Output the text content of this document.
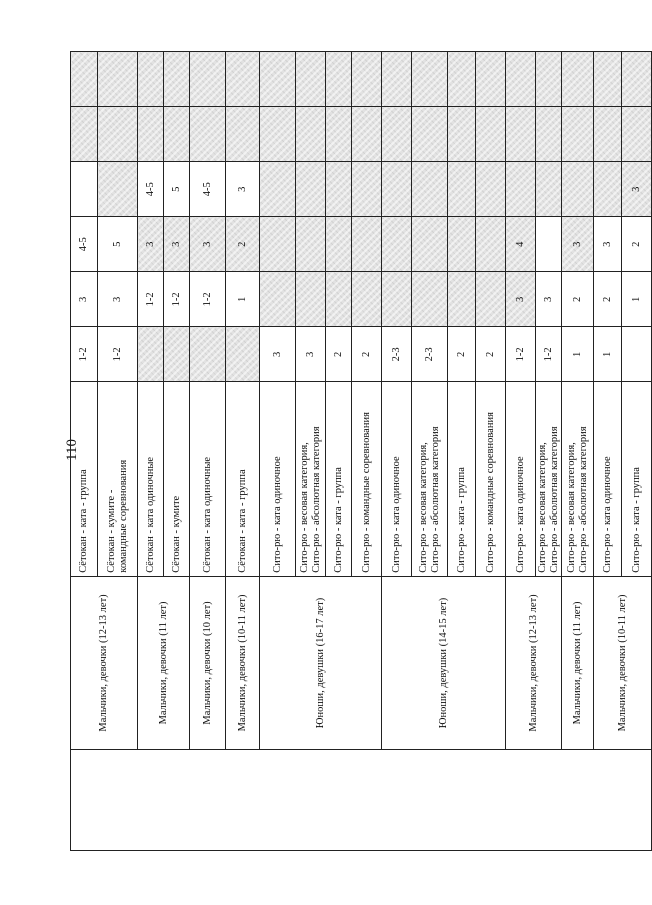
110
	Мальчики, девочки (12-13 лет)	Сётокан - ката - группа	1-2	3	4-5			

		Сётокан - кумите - командные соревнования	1-2	3	5			
	Мальчики, девочки (11 лет)	Сётокан - ката одиночные		1-2	3	4-5		

		Сётокан - кумите		1-2	3	5		
	Мальчики, девочки (10 лет)	Сётокан - ката одиночные		1-2	3	4-5		
	Мальчики, девочки (10-11 лет)	Сётокан - ката - группа		1	2	3		
	Юноши, девушки (16-17 лет)	Сито-рю - ката одиночное	3					

		Сито-рю - весовая категория, Сито-рю - абсолютная категория	3					

		Сито-рю - ката - группа	2					

		Сито-рю - командные соревнования	2					
	Юноши, девушки (14-15 лет)	Сито-рю - ката одиночное	2-3					

		Сито-рю - весовая категория, Сито-рю - абсолютная категория	2-3					

		Сито-рю - ката - группа	2					

		Сито-рю - командные соревнования	2					
	Мальчики, девочки (12-13 лет)	Сито-рю - ката одиночное	1-2	3	4			

		Сито-рю - весовая категория, Сито-рю - абсолютная категория	1-2	3				
	Мальчики, девочки (11 лет)	Сито-рю - весовая категория, Сито-рю - абсолютная категория	1	2	3			
	Мальчики, девочки (10-11 лет)	Сито-рю - ката одиночное	1	2	3			

		Сито-рю - ката - группа		1	2	3		
